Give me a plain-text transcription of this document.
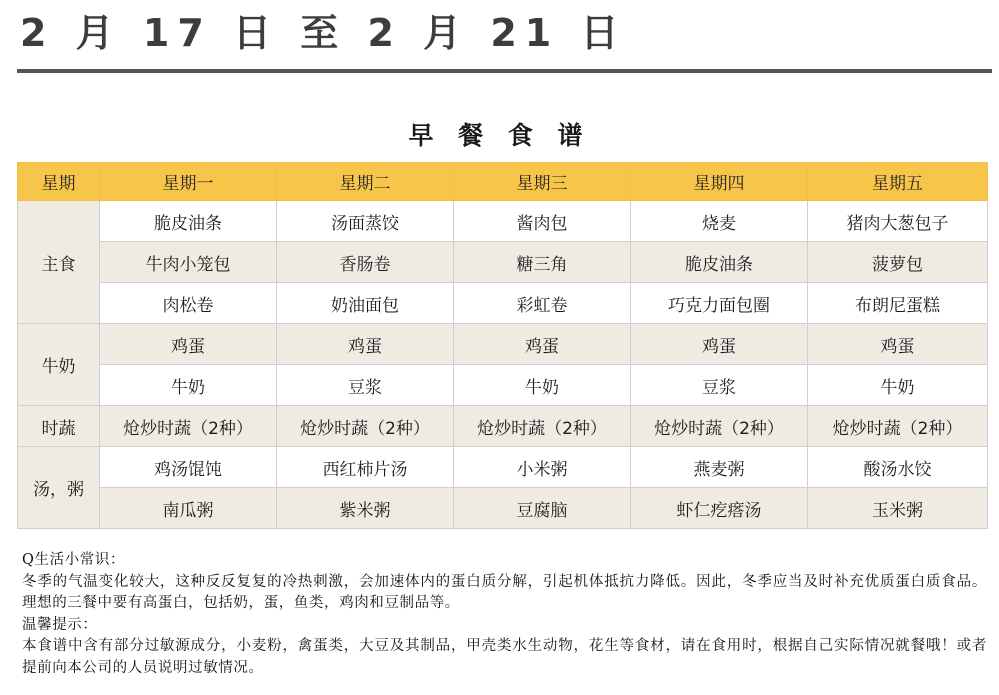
2 月 17 日 至 2 月 21 日
早 餐 食 谱
星期	星期一	星期二	星期三	星期四	星期五
主食	脆皮油条	汤面蒸饺	酱肉包	烧麦	猪肉大葱包子
	牛肉小笼包	香肠卷	糖三角	脆皮油条	菠萝包
	肉松卷	奶油面包	彩虹卷	巧克力面包圈	布朗尼蛋糕
牛奶	鸡蛋	鸡蛋	鸡蛋	鸡蛋	鸡蛋
	牛奶	豆浆	牛奶	豆浆	牛奶
时蔬	炝炒时蔬（2种）	炝炒时蔬（2种）	炝炒时蔬（2种）	炝炒时蔬（2种）	炝炒时蔬（2种）
汤，粥	鸡汤馄饨	西红柿片汤	小米粥	燕麦粥	酸汤水饺
	南瓜粥	紫米粥	豆腐脑	虾仁疙瘩汤	玉米粥
Q生活小常识：
冬季的气温变化较大，这种反反复复的冷热刺激，会加速体内的蛋白质分解，引起机体抵抗力降低。因此，冬季应当及时补充优质蛋白质食品。理想的三餐中要有高蛋白，包括奶，蛋，鱼类，鸡肉和豆制品等。
温馨提示：
本食谱中含有部分过敏源成分，小麦粉，禽蛋类，大豆及其制品，甲壳类水生动物，花生等食材，请在食用时，根据自己实际情况就餐哦！或者提前向本公司的人员说明过敏情况。
